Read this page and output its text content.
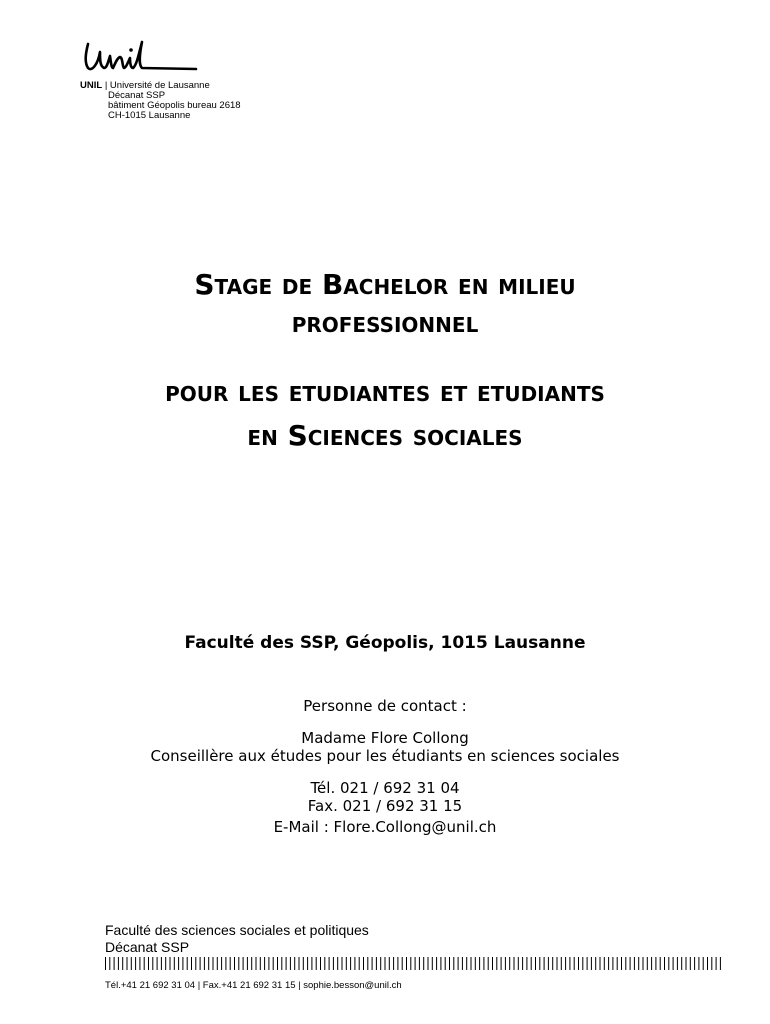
UNIL | Université de Lausanne
Décanat SSP
bâtiment Géopolis bureau 2618
CH-1015 Lausanne
Stage de Bachelor en milieu
professionnel
pour les etudiantes et etudiants
en Sciences sociales
Faculté des SSP, Géopolis, 1015 Lausanne
Personne de contact :
Madame Flore Collong
Conseillère aux études pour les étudiants en sciences sociales
Tél. 021 / 692 31 04
Fax. 021 / 692 31 15
E-Mail : Flore.Collong@unil.ch
Faculté des sciences sociales et politiques
Décanat SSP
Tél.+41 21 692 31 04 | Fax.+41 21 692 31 15 | sophie.besson@unil.ch
